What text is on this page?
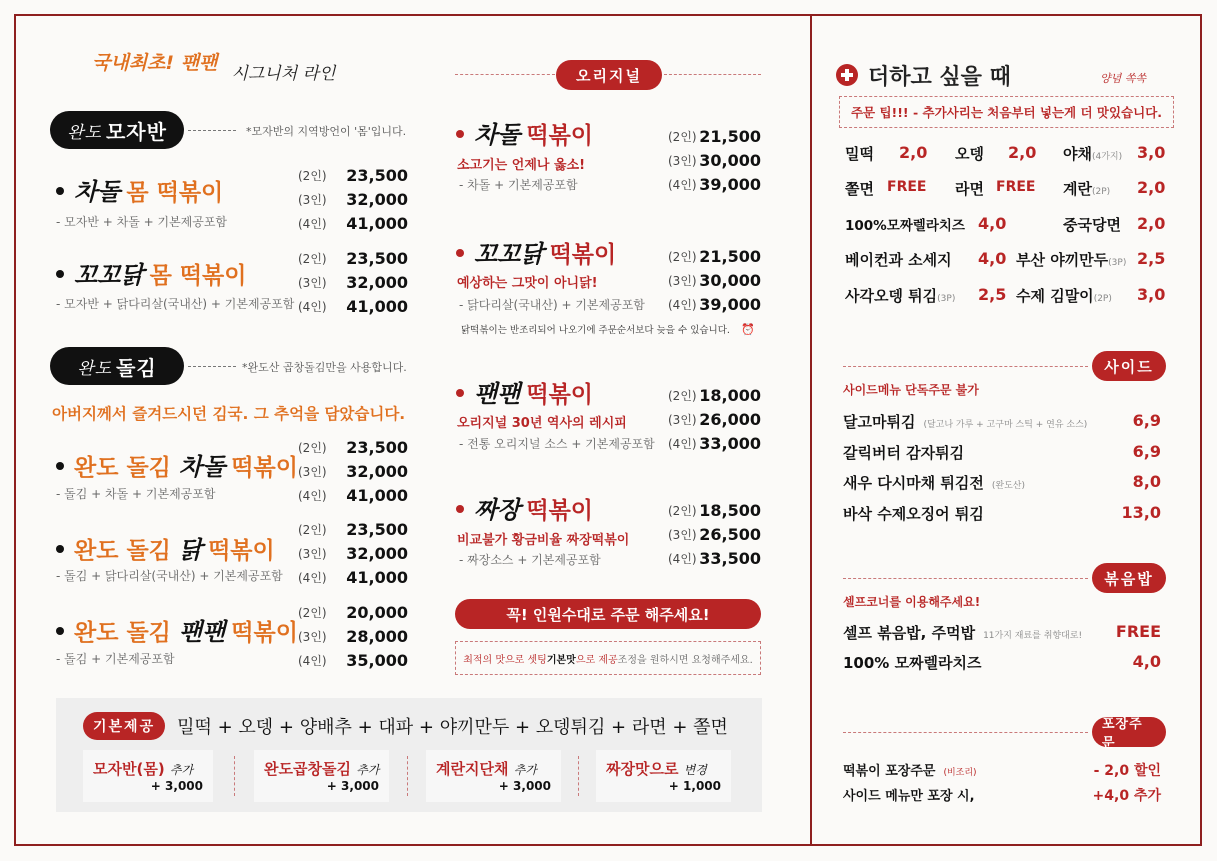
국내최초! 팬팬 시그니처 라인
완도 모자반	*모자반의 지역방언이 '몸'입니다.
차돌 몸 떡볶이
- 모자반 + 차돌 + 기본제공포함
(2인) 23,500
(3인) 32,000
(4인) 41,000
꼬꼬닭 몸 떡볶이
- 모자반 + 닭다리살(국내산) + 기본제공포함
(2인) 23,500
(3인) 32,000
(4인) 41,000
완도 돌김	*완도산 곱창돌김만을 사용합니다.
아버지께서 즐겨드시던 김국. 그 추억을 담았습니다.
완도 돌김 차돌 떡볶이
- 돌김 + 차돌 + 기본제공포함
(2인) 23,500
(3인) 32,000
(4인) 41,000
완도 돌김 닭 떡볶이
- 돌김 + 닭다리살(국내산) + 기본제공포함
(2인) 23,500
(3인) 32,000
(4인) 41,000
완도 돌김 팬팬 떡볶이
- 돌김 + 기본제공포함
(2인) 20,000
(3인) 28,000
(4인) 35,000
오리지널
차돌 떡볶이
소고기는 언제나 옳소!
- 차돌 + 기본제공포함
(2인) 21,500
(3인) 30,000
(4인) 39,000
꼬꼬닭 떡볶이
예상하는 그맛이 아니닭!
- 닭다리살(국내산) + 기본제공포함
(2인) 21,500
(3인) 30,000
(4인) 39,000
닭떡볶이는 반조리되어 나오기에 주문순서보다 늦을 수 있습니다. ⏰
팬팬 떡볶이
오리지널 30년 역사의 레시피
- 전통 오리지널 소스 + 기본제공포함
(2인) 18,000
(3인) 26,000
(4인) 33,000
짜장 떡볶이
비교불가 황금비율 짜장떡볶이
- 짜장소스 + 기본제공포함
(2인) 18,500
(3인) 26,500
(4인) 33,500
꼭! 인원수대로 주문 해주세요!
최적의 맛으로 셋팅 기본맛 으로 제공 조정을 원하시면 요청해주세요.
기본제공	밀떡 + 오뎅 + 양배추 + 대파 + 야끼만두 + 오뎅튀김 + 라면 + 쫄면
모자반(몸) 추가
+ 3,000
완도곱창돌김 추가
+ 3,000
계란지단채 추가
+ 3,000
짜장맛으로 변경
+ 1,000
더하고 싶을 때	양념 쏙쏙
주문 팁!!! - 추가사리는 처음부터 넣는게 더 맛있습니다.
밀떡 2,0 오뎅 2,0 야채(4가지) 3,0
쫄면 FREE 라면 FREE 계란(2P) 2,0
100%모짜렐라치즈 4,0	중국당면 2,0
베이컨과 소세지 4,0 부산 야끼만두(3P) 2,5
사각오뎅 튀김(3P) 2,5 수제 김말이(2P) 3,0
사이드
사이드메뉴 단독주문 불가
달고마튀김 (달고나 가루 + 고구마 스틱 + 연유 소스)	6,9
갈릭버터 감자튀김	6,9
새우 다시마채 튀김전 (완도산)	8,0
바삭 수제오징어 튀김	13,0
볶음밥
셀프코너를 이용해주세요!
셀프 볶음밥, 주먹밥 11가지 재료를 취향대로! FREE
100% 모짜렐라치즈	4,0
포장주문
떡볶이 포장주문 (비조리)	- 2,0 할인
사이드 메뉴만 포장 시,	+4,0 추가
